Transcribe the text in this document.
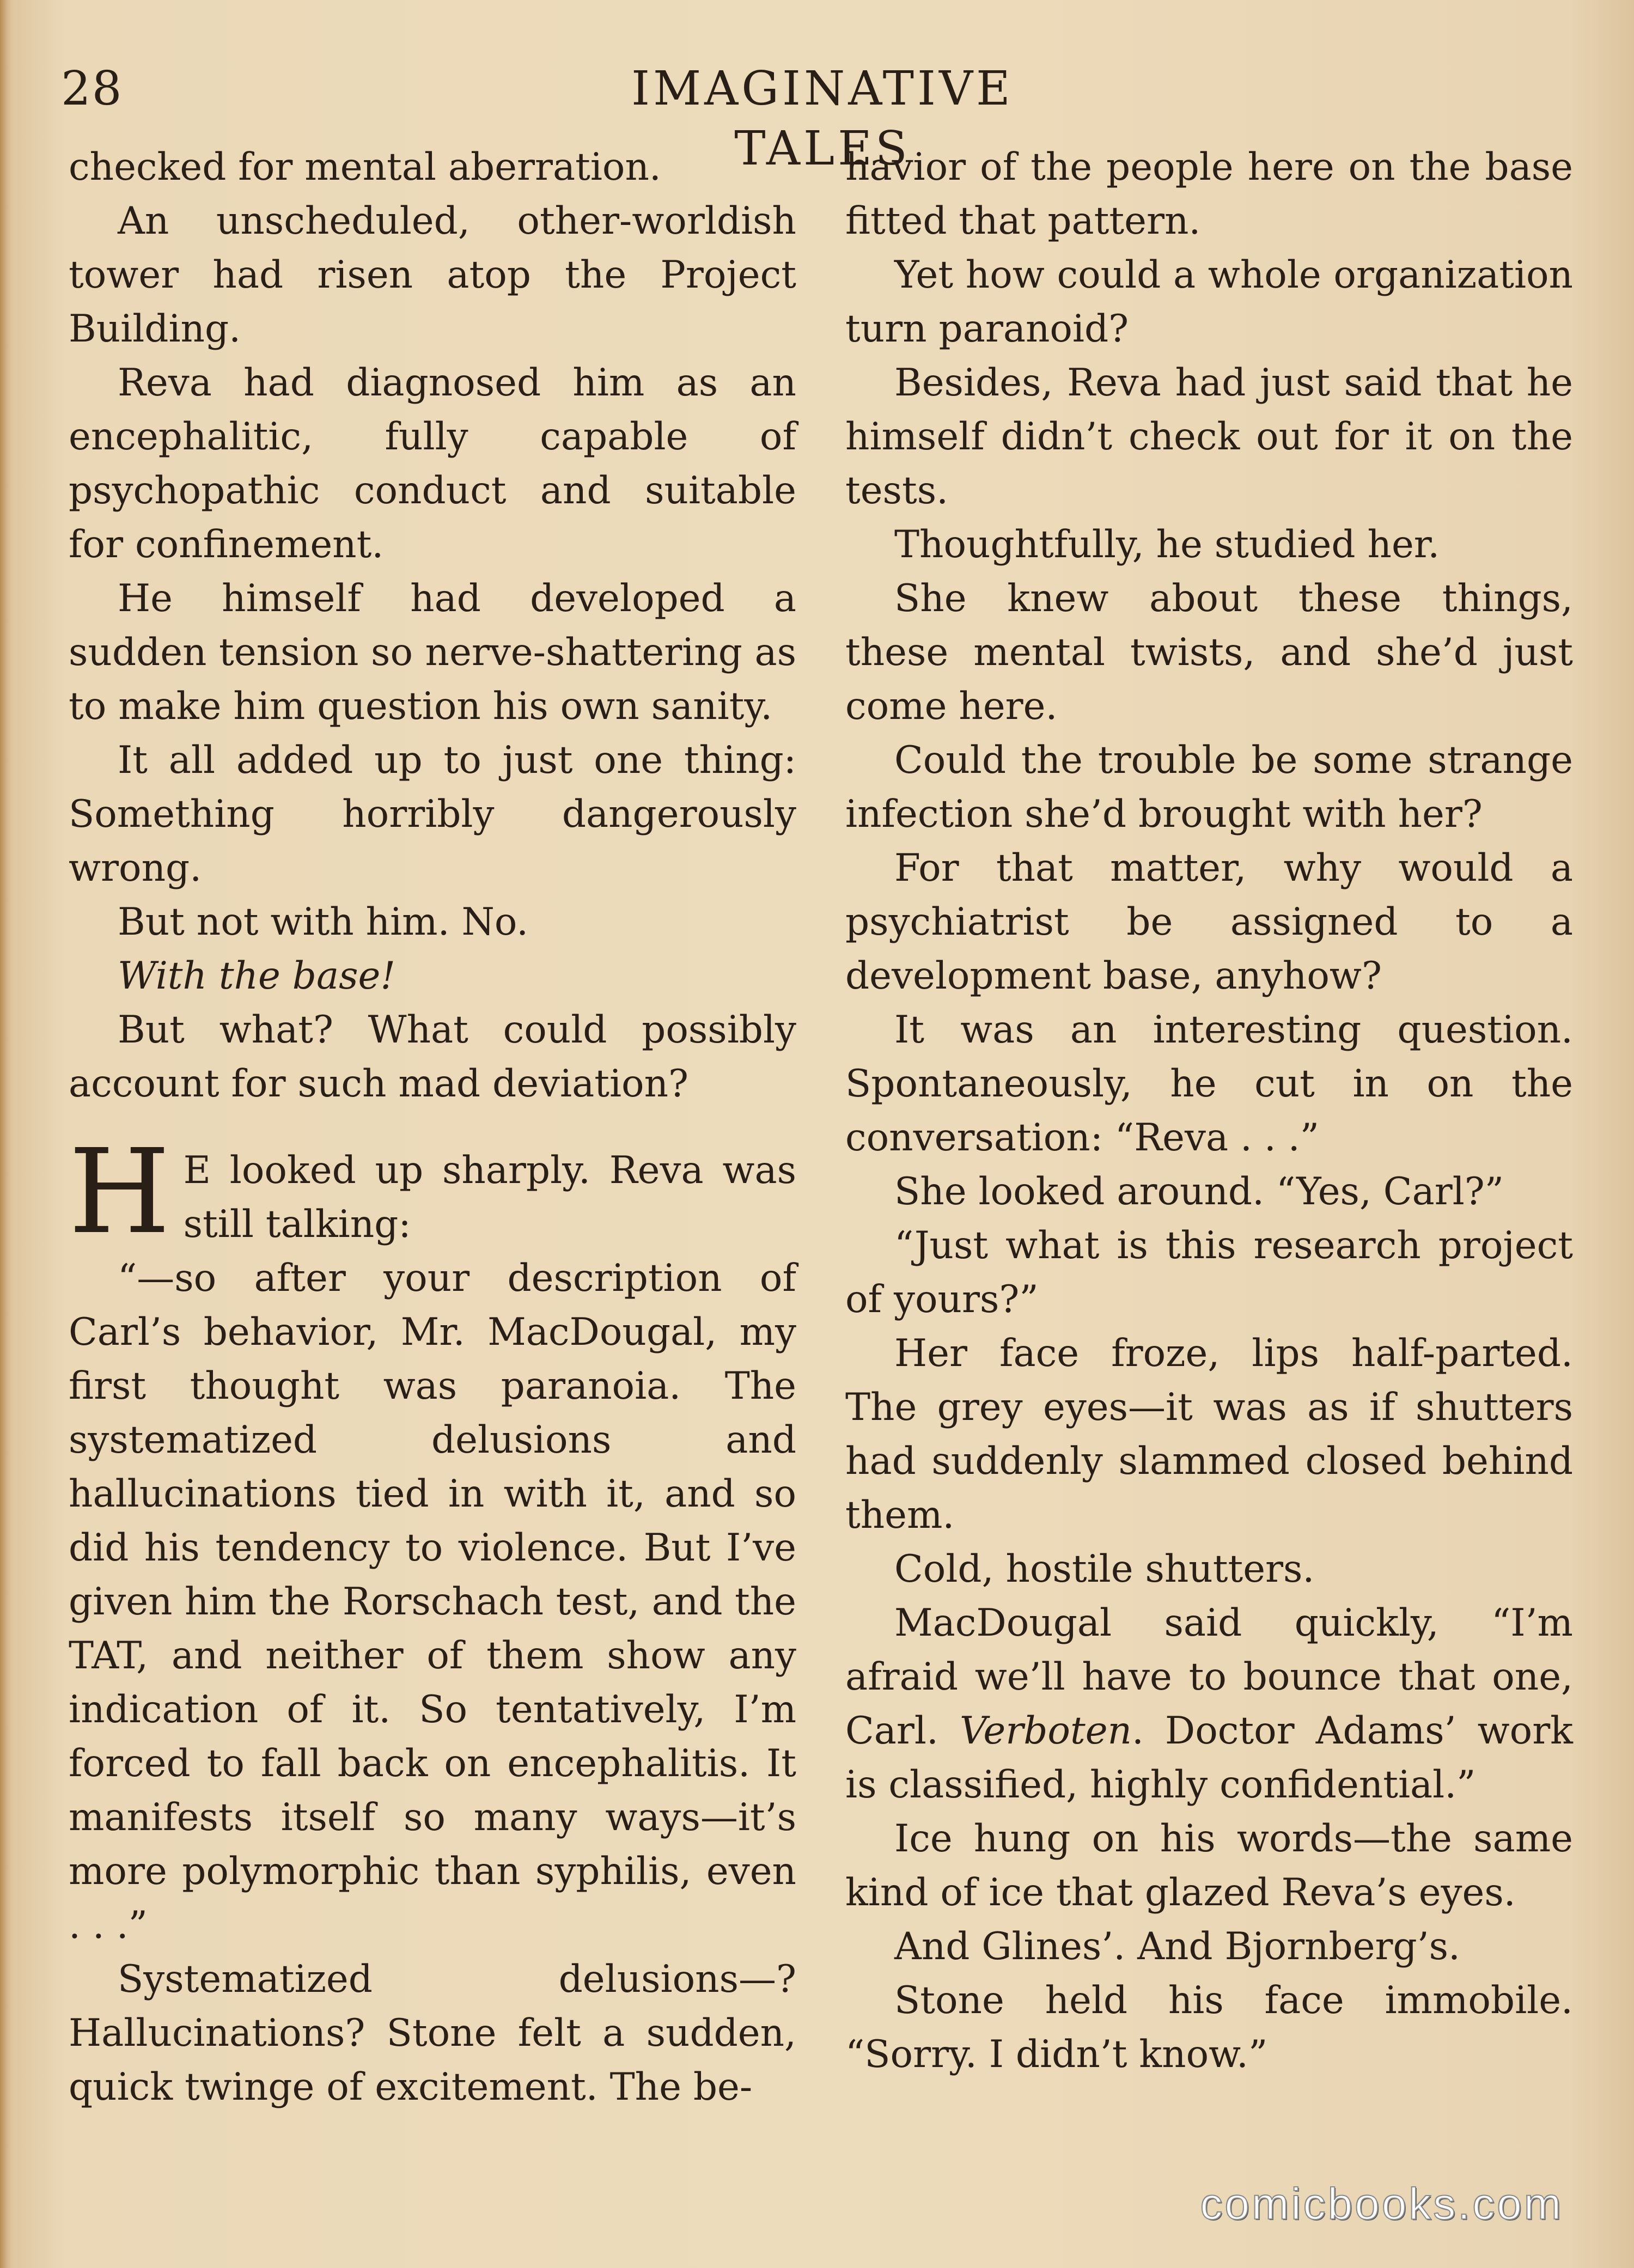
28	IMAGINATIVE TALES

checked for mental aberration.

An unscheduled, other-worldish tower had risen atop the Project Building.

Reva had diagnosed him as an encephalitic, fully capable of psychopathic conduct and suitable for confinement.

He himself had developed a sudden tension so nerve-shattering as to make him question his own sanity.

It all added up to just one thing: Something horribly dangerously wrong.

But not with him. No.

With the base!

But what? What could possibly account for such mad deviation?

H E looked up sharply. Reva was still talking:

“—so after your description of Carl’s behavior, Mr. MacDougal, my first thought was paranoia. The systematized delusions and hallucinations tied in with it, and so did his tendency to violence. But I’ve given him the Rorschach test, and the TAT, and neither of them show any indication of it. So tentatively, I’m forced to fall back on encephalitis. It manifests itself so many ways—it’s more polymorphic than syphilis, even . . .”

Systematized delusions—? Hallucinations? Stone felt a sudden, quick twinge of excitement. The be-

havior of the people here on the base fitted that pattern.

Yet how could a whole organization turn paranoid?

Besides, Reva had just said that he himself didn’t check out for it on the tests.

Thoughtfully, he studied her.

She knew about these things, these mental twists, and she’d just come here.

Could the trouble be some strange infection she’d brought with her?

For that matter, why would a psychiatrist be assigned to a development base, anyhow?

It was an interesting question. Spontaneously, he cut in on the conversation: “Reva . . .”

She looked around. “Yes, Carl?”

“Just what is this research project of yours?”

Her face froze, lips half-parted. The grey eyes—it was as if shutters had suddenly slammed closed behind them.

Cold, hostile shutters.

MacDougal said quickly, “I’m afraid we’ll have to bounce that one, Carl. Verboten. Doctor Adams’ work is classified, highly confidential.”

Ice hung on his words—the same kind of ice that glazed Reva’s eyes.

And Glines’. And Bjornberg’s.

Stone held his face immobile. “Sorry. I didn’t know.”

comicbooks.com
